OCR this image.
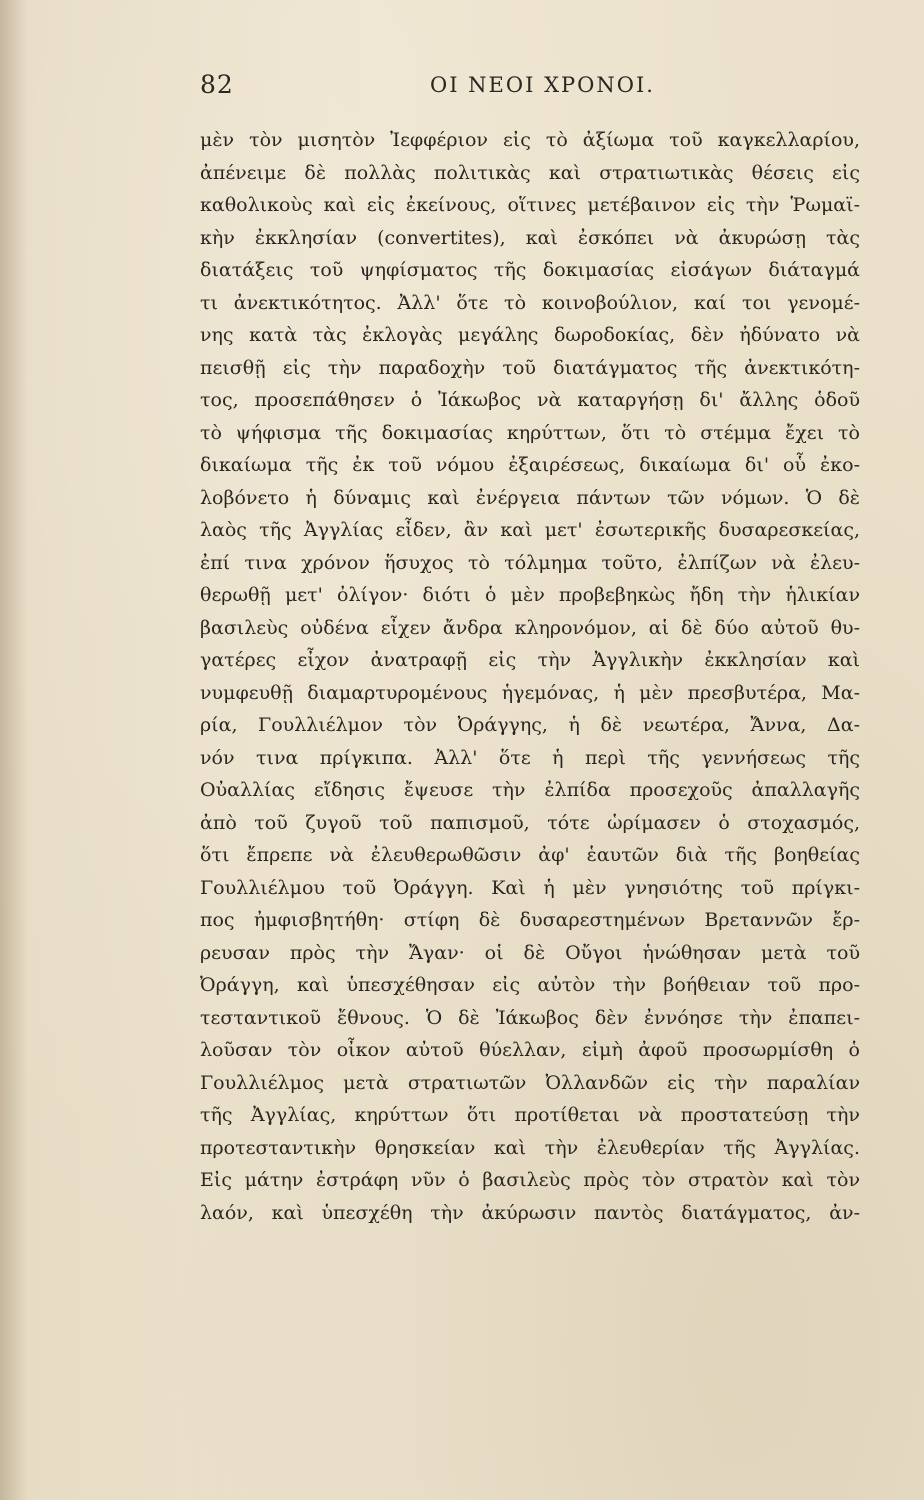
82	ΟΙ ΝΕΟΙ ΧΡΟΝΟΙ.
μὲν τὸν μισητὸν Ἰεφφέριον εἰς τὸ ἀξίωμα τοῦ καγκελλαρίου,
ἀπένειμε δὲ πολλὰς πολιτικὰς καὶ στρατιωτικὰς θέσεις εἰς
καθολικοὺς καὶ εἰς ἐκείνους, οἵτινες μετέβαινον εἰς τὴν Ῥωμαϊ-
κὴν ἐκκλησίαν (convertites), καὶ ἐσκόπει νὰ ἀκυρώσῃ τὰς
διατάξεις τοῦ ψηφίσματος τῆς δοκιμασίας εἰσάγων διάταγμά
τι ἀνεκτικότητος. Ἀλλ' ὅτε τὸ κοινοβούλιον, καί τοι γενομέ-
νης κατὰ τὰς ἐκλογὰς μεγάλης δωροδοκίας, δὲν ἠδύνατο νὰ
πεισθῇ εἰς τὴν παραδοχὴν τοῦ διατάγματος τῆς ἀνεκτικότη-
τος, προσεπάθησεν ὁ Ἰάκωβος νὰ καταργήσῃ δι' ἄλλης ὁδοῦ
τὸ ψήφισμα τῆς δοκιμασίας κηρύττων, ὅτι τὸ στέμμα ἔχει τὸ
δικαίωμα τῆς ἐκ τοῦ νόμου ἐξαιρέσεως, δικαίωμα δι' οὗ ἐκο-
λοβόνετο ἡ δύναμις καὶ ἐνέργεια πάντων τῶν νόμων. Ὁ δὲ
λαὸς τῆς Ἀγγλίας εἶδεν, ἂν καὶ μετ' ἐσωτερικῆς δυσαρεσκείας,
ἐπί τινα χρόνον ἥσυχος τὸ τόλμημα τοῦτο, ἐλπίζων νὰ ἐλευ-
θερωθῇ μετ' ὀλίγον· διότι ὁ μὲν προβεβηκὼς ἤδη τὴν ἡλικίαν
βασιλεὺς οὐδένα εἶχεν ἄνδρα κληρονόμον, αἱ δὲ δύο αὐτοῦ θυ-
γατέρες εἶχον ἀνατραφῇ εἰς τὴν Ἀγγλικὴν ἐκκλησίαν καὶ
νυμφευθῇ διαμαρτυρομένους ἡγεμόνας, ἡ μὲν πρεσβυτέρα, Μα-
ρία, Γουλλιέλμον τὸν Ὀράγγης, ἡ δὲ νεωτέρα, Ἄννα, Δα-
νόν τινα πρίγκιπα. Ἀλλ' ὅτε ἡ περὶ τῆς γεννήσεως τῆς
Οὐαλλίας εἴδησις ἔψευσε τὴν ἐλπίδα προσεχοῦς ἀπαλλαγῆς
ἀπὸ τοῦ ζυγοῦ τοῦ παπισμοῦ, τότε ὡρίμασεν ὁ στοχασμός,
ὅτι ἔπρεπε νὰ ἐλευθερωθῶσιν ἀφ' ἑαυτῶν διὰ τῆς βοηθείας
Γουλλιέλμου τοῦ Ὀράγγη. Καὶ ἡ μὲν γνησιότης τοῦ πρίγκι-
πος ἠμφισβητήθη· στίφη δὲ δυσαρεστημένων Βρεταννῶν ἔρ-
ρευσαν πρὸς τὴν Ἄγαν· οἱ δὲ Οὔγοι ἡνώθησαν μετὰ τοῦ
Ὀράγγη, καὶ ὑπεσχέθησαν εἰς αὐτὸν τὴν βοήθειαν τοῦ προ-
τεσταντικοῦ ἔθνους. Ὁ δὲ Ἰάκωβος δὲν ἐννόησε τὴν ἐπαπει-
λοῦσαν τὸν οἶκον αὐτοῦ θύελλαν, εἰμὴ ἀφοῦ προσωρμίσθη ὁ
Γουλλιέλμος μετὰ στρατιωτῶν Ὀλλανδῶν εἰς τὴν παραλίαν
τῆς Ἀγγλίας, κηρύττων ὅτι προτίθεται νὰ προστατεύσῃ τὴν
προτεσταντικὴν θρησκείαν καὶ τὴν ἐλευθερίαν τῆς Ἀγγλίας.
Εἰς μάτην ἐστράφη νῦν ὁ βασιλεὺς πρὸς τὸν στρατὸν καὶ τὸν
λαόν, καὶ ὑπεσχέθη τὴν ἀκύρωσιν παντὸς διατάγματος, ἀν-
